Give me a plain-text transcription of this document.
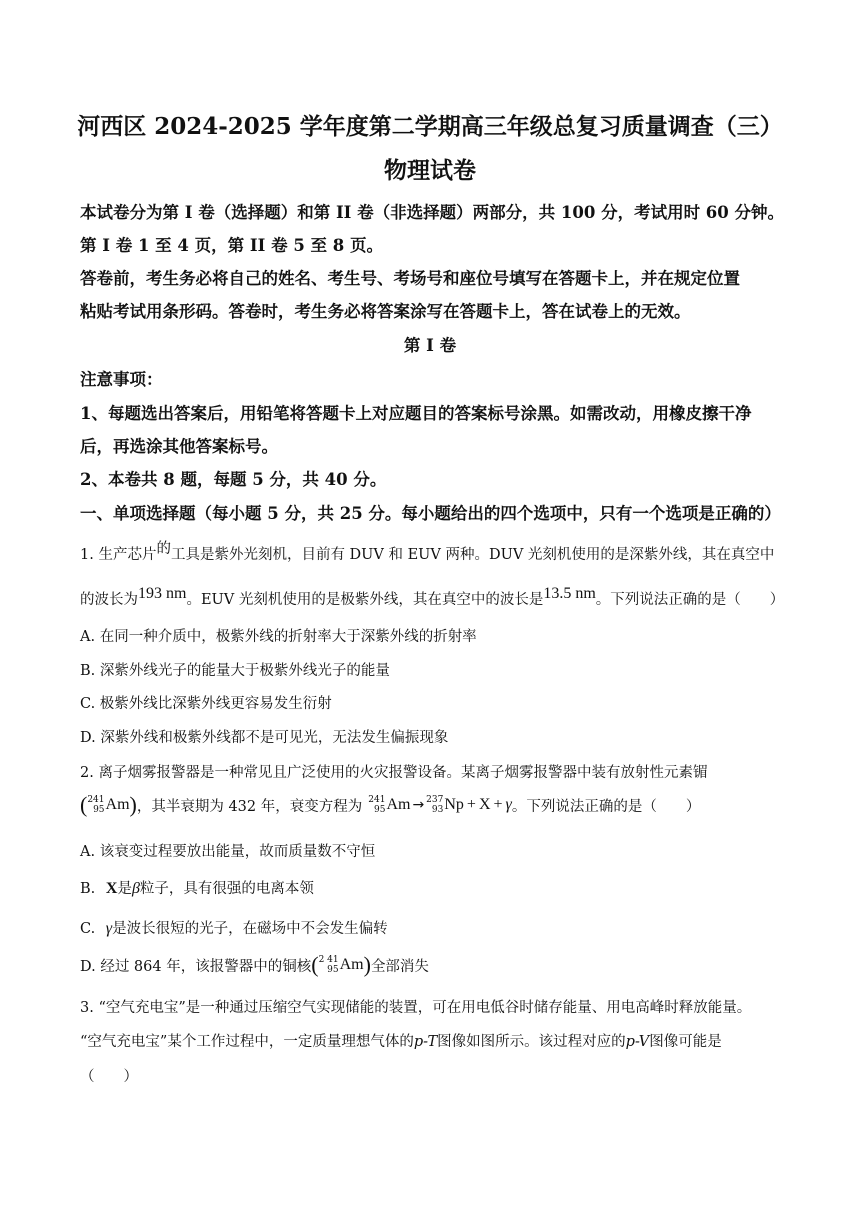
河西区 2024-2025 学年度第二学期高三年级总复习质量调查（三）
物理试卷
本试卷分为第 I 卷（选择题）和第 II 卷（非选择题）两部分，共 100 分，考试用时 60 分钟。
第 I 卷 1 至 4 页，第 II 卷 5 至 8 页。
答卷前，考生务必将自己的姓名、考生号、考场号和座位号填写在答题卡上，并在规定位置
粘贴考试用条形码。答卷时，考生务必将答案涂写在答题卡上，答在试卷上的无效。
第 I 卷
注意事项：
1、每题选出答案后，用铅笔将答题卡上对应题目的答案标号涂黑。如需改动，用橡皮擦干净
后，再选涂其他答案标号。
2、本卷共 8 题，每题 5 分，共 40 分。
一、单项选择题（每小题 5 分，共 25 分。每小题给出的四个选项中，只有一个选项是正确的）
1. 生产芯片的工具是紫外光刻机，目前有 DUV 和 EUV 两种。DUV 光刻机使用的是深紫外线，其在真空中
的波长为193 nm。EUV 光刻机使用的是极紫外线，其在真空中的波长是13.5 nm。下列说法正确的是（　　）
A. 在同一种介质中，极紫外线的折射率大于深紫外线的折射率
B. 深紫外线光子的能量大于极紫外线光子的能量
C. 极紫外线比深紫外线更容易发生衍射
D. 深紫外线和极紫外线都不是可见光，无法发生偏振现象
2. 离子烟雾报警器是一种常见且广泛使用的火灾报警设备。某离子烟雾报警器中装有放射性元素镅
( 241
95 Am ) ，其半衰期为 432 年，衰变方程为 241
95 Am → 237
93 Np + X + γ 。下列说法正确的是（　　）
A. 该衰变过程要放出能量，故而质量数不守恒
B. X是β粒子，具有很强的电离本领
C. γ是波长很短的光子，在磁场中不会发生偏转
D. 经过 864 年，该报警器中的铜核 ( 2 41
95 Am ) 全部消失
3. “空气充电宝”是一种通过压缩空气实现储能的装置，可在用电低谷时储存能量、用电高峰时释放能量。
“空气充电宝”某个工作过程中，一定质量理想气体的p-T图像如图所示。该过程对应的p-V图像可能是
（　　）
